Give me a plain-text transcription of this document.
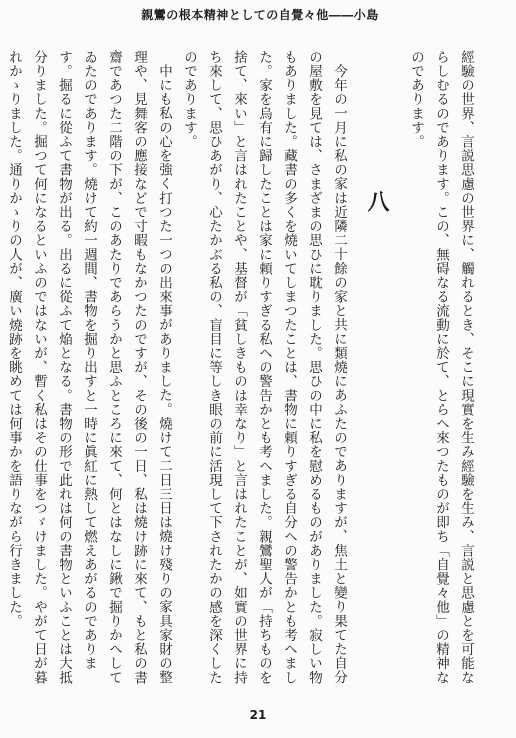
親鸞の根本精神としての自覺々他――小島

經驗の世界、言説思慮の世界に、觸れるとき、そこに現實を生み經驗を生み、言説と思慮とを可能ならしむるのであります。この、無碍なる流動に於て、とらへ來つたものが即ち「自覺々他」の精神なのであります。

八

今年の一月に私の家は近隣二十餘の家と共に類燒にあふたのでありますが、焦土と變り果てた自分の屋敷を見ては、さまざまの思ひに耽りました。思ひの中に私を慰めるものがありました。寂しい物もありました。藏書の多くを燒いてしまつたことは、書物に頼りすぎる自分への警告かとも考へました。家を烏有に歸したことは家に頼りすぎる私への警告かとも考へました。親鸞聖人が「持ちものを捨て、來い」と言はれたことや、基督が「貧しきものは幸なり」と言はれたことが、如實の世界に持ち來して、思ひあがり、心たかぶる私の、盲目に等しき眼の前に活現して下されたかの感を深くしたのであります。

中にも私の心を強く打つた一つの出來事がありました。燒けて二日三日は燒け殘りの家具家財の整理や、見舞客の應接などで寸暇もなかつたのですが、その後の一日、私は燒け跡に來て、もと私の書齋であつた二階の下が、このあたりであらうかと思ふところに來て、何とはなしに鍬で掘りかへしてゐたのであります。燒けて約一週間、書物を掘り出すと一時に眞紅に熱して燃えあがるのであります。掘るに從ふて書物が出る。出るに從ふて焔となる。書物の形で此れは何の書物といふことは大抵分りました。掘つて何になるといふのではないが、暫く私はその仕事をつゞけました。やがて日が暮れかゝりました。通りかゝりの人が、廣い燒跡を眺めては何事かを語りながら行きました。

21
